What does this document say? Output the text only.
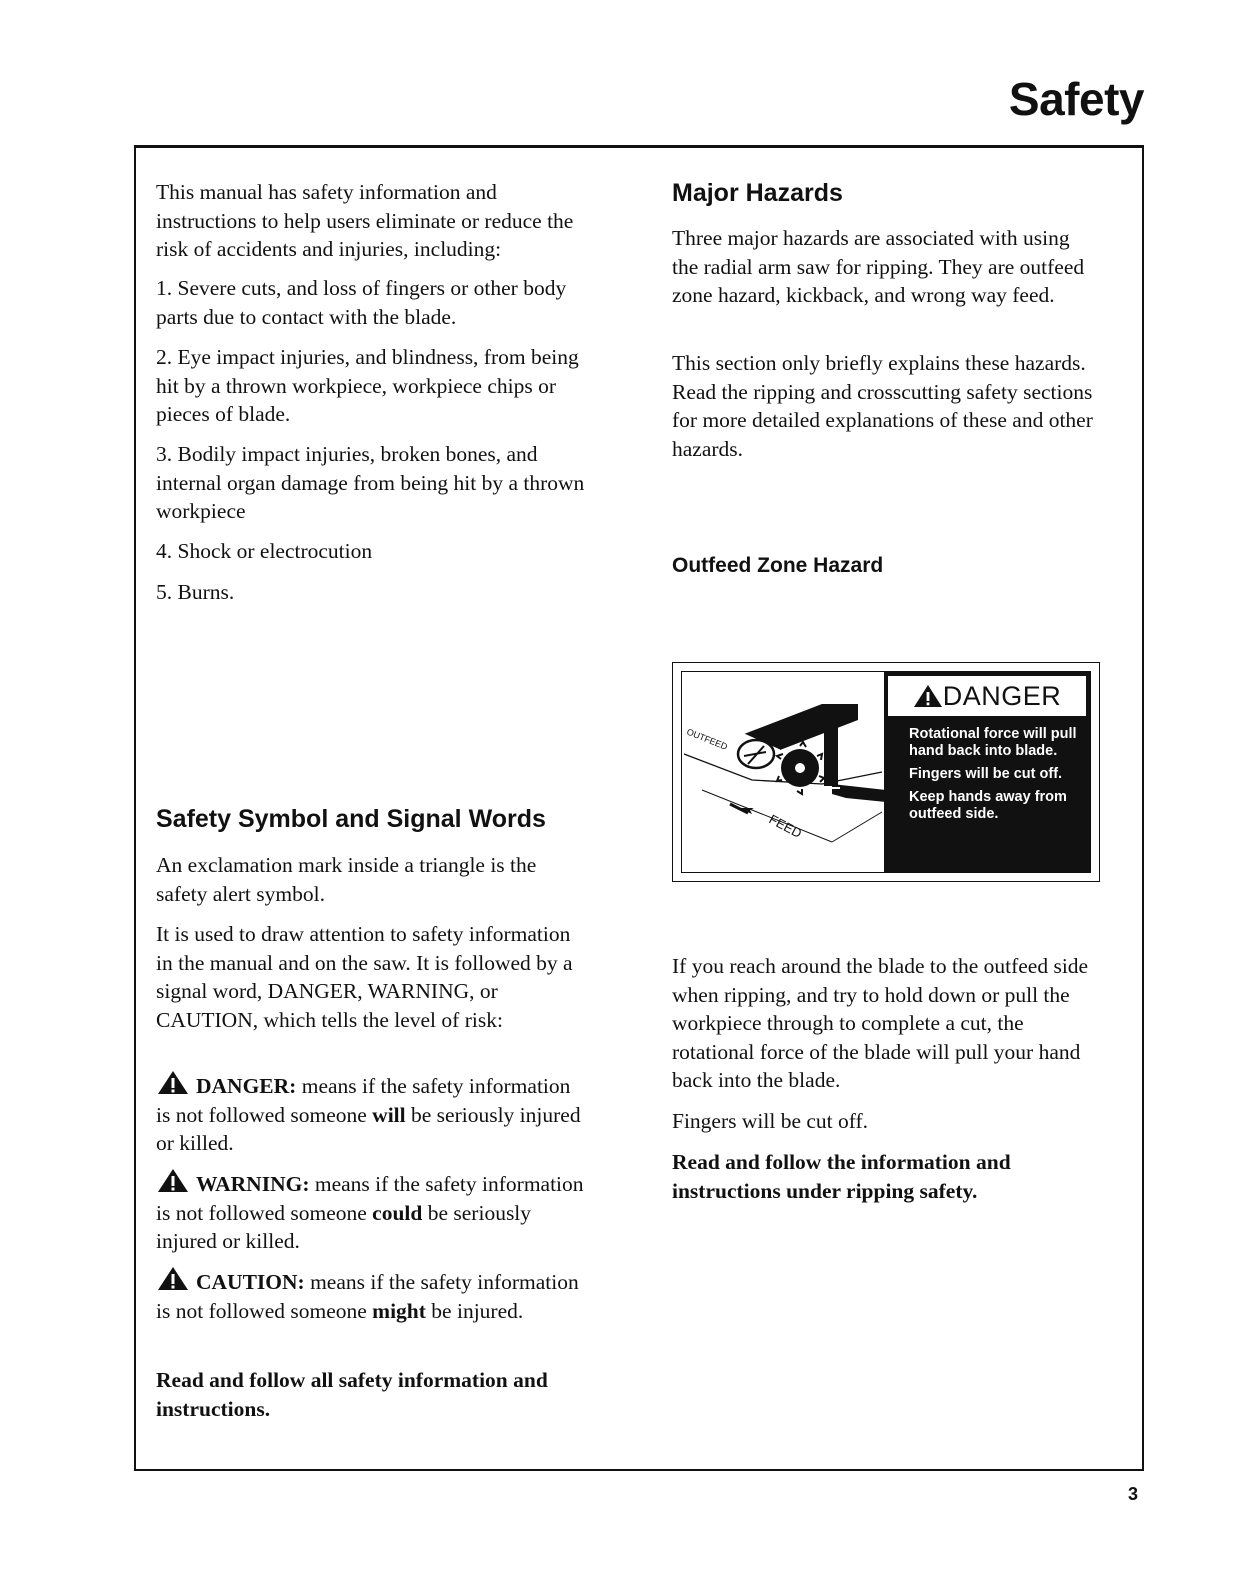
Safety

This manual has safety information and instructions to help users eliminate or reduce the risk of accidents and injuries, including:

1. Severe cuts, and loss of fingers or other body parts due to contact with the blade.

2. Eye impact injuries, and blindness, from being hit by a thrown workpiece, workpiece chips or pieces of blade.

3. Bodily impact injuries, broken bones, and internal organ damage from being hit by a thrown workpiece

4. Shock or electrocution

5. Burns.

Safety Symbol and Signal Words

An exclamation mark inside a triangle is the safety alert symbol.

It is used to draw attention to safety information in the manual and on the saw. It is followed by a signal word, DANGER, WARNING, or CAUTION, which tells the level of risk:

DANGER: means if the safety information is not followed someone will be seriously injured or killed.

WARNING: means if the safety information is not followed someone could be seriously injured or killed.

CAUTION: means if the safety information is not followed someone might be injured.

Read and follow all safety information and instructions.

Major Hazards

Three major hazards are associated with using the radial arm saw for ripping. They are outfeed zone hazard, kickback, and wrong way feed.

This section only briefly explains these hazards. Read the ripping and crosscutting safety sections for more detailed explanations of these and other hazards.

Outfeed Zone Hazard

If you reach around the blade to the outfeed side when ripping, and try to hold down or pull the workpiece through to complete a cut, the rotational force of the blade will pull your hand back into the blade.

Fingers will be cut off.

Read and follow the information and instructions under ripping safety.

OUTFEED
FEED
DANGER
Rotational force will pull hand back into blade.
Fingers will be cut off.
Keep hands away from outfeed side.
3
